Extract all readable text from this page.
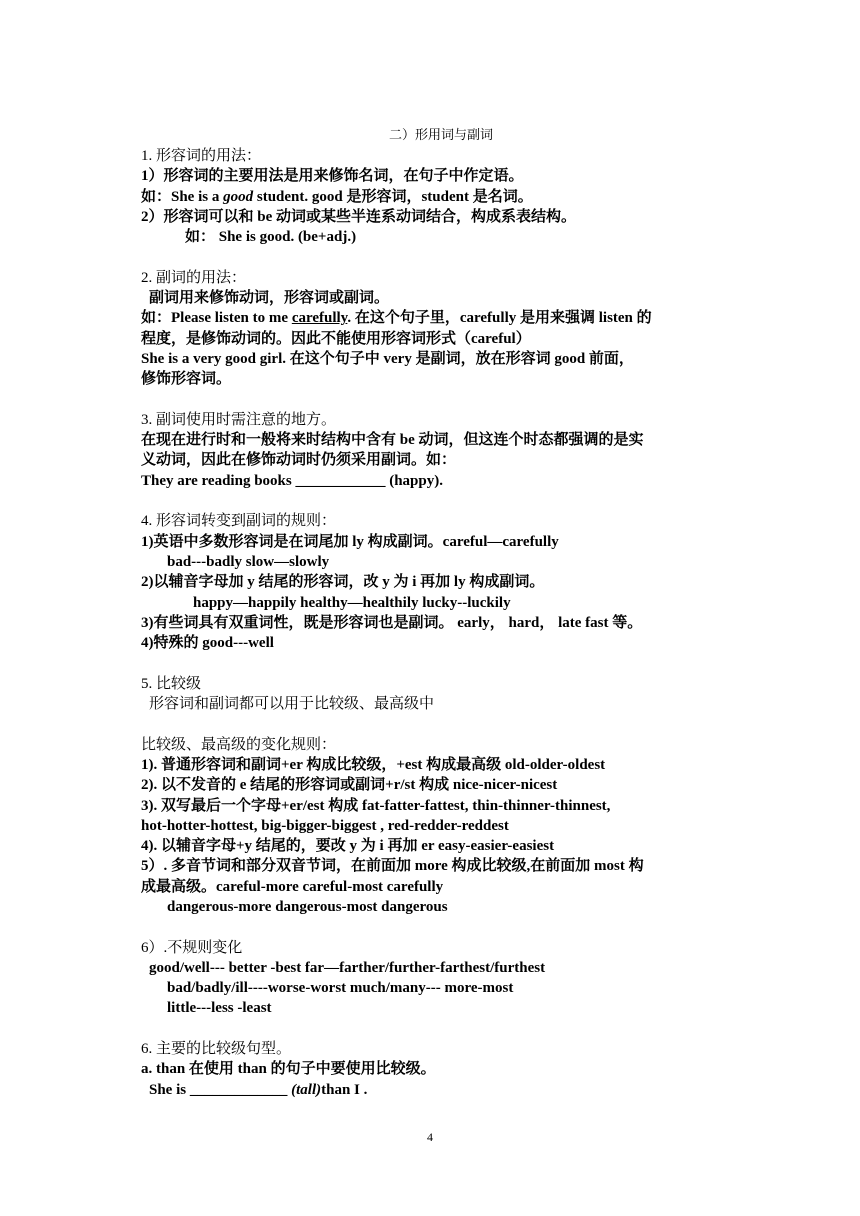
二）形用词与副词
1. 形容词的用法：
1）形容词的主要用法是用来修饰名词，在句子中作定语。
如：She is a good student. good 是形容词，student 是名词。
2）形容词可以和 be 动词或某些半连系动词结合，构成系表结构。
如： She is good. (be+adj.)
2. 副词的用法：
副词用来修饰动词，形容词或副词。
如：Please listen to me carefully. 在这个句子里，carefully 是用来强调 listen 的
程度，是修饰动词的。因此不能使用形容词形式（careful）
She is a very good girl. 在这个句子中 very 是副词，放在形容词 good 前面，
修饰形容词。
3. 副词使用时需注意的地方。
在现在进行时和一般将来时结构中含有 be 动词，但这连个时态都强调的是实
义动词，因此在修饰动词时仍须采用副词。如：
They are reading books ____________ (happy).
4. 形容词转变到副词的规则：
1)英语中多数形容词是在词尾加 ly 构成副词。careful—carefully
bad---badly slow—slowly
2)以辅音字母加 y 结尾的形容词，改 y 为 i 再加 ly 构成副词。
happy—happily healthy—healthily lucky--luckily
3)有些词具有双重词性，既是形容词也是副词。 early， hard， late fast 等。
4)特殊的 good---well
5. 比较级
形容词和副词都可以用于比较级、最高级中
比较级、最高级的变化规则：
1). 普通形容词和副词+er 构成比较级，+est 构成最高级 old-older-oldest
2). 以不发音的 e 结尾的形容词或副词+r/st 构成 nice-nicer-nicest
3). 双写最后一个字母+er/est 构成 fat-fatter-fattest, thin-thinner-thinnest,
hot-hotter-hottest, big-bigger-biggest , red-redder-reddest
4). 以辅音字母+y 结尾的，要改 y 为 i 再加 er easy-easier-easiest
5）. 多音节词和部分双音节词，在前面加 more 构成比较级,在前面加 most 构
成最高级。careful-more careful-most carefully
dangerous-more dangerous-most dangerous
6）.不规则变化
good/well--- better -best far—farther/further-farthest/furthest
bad/badly/ill----worse-worst much/many--- more-most
little---less -least
6. 主要的比较级句型。
a. than 在使用 than 的句子中要使用比较级。
She is _____________ (tall)than I .
4
